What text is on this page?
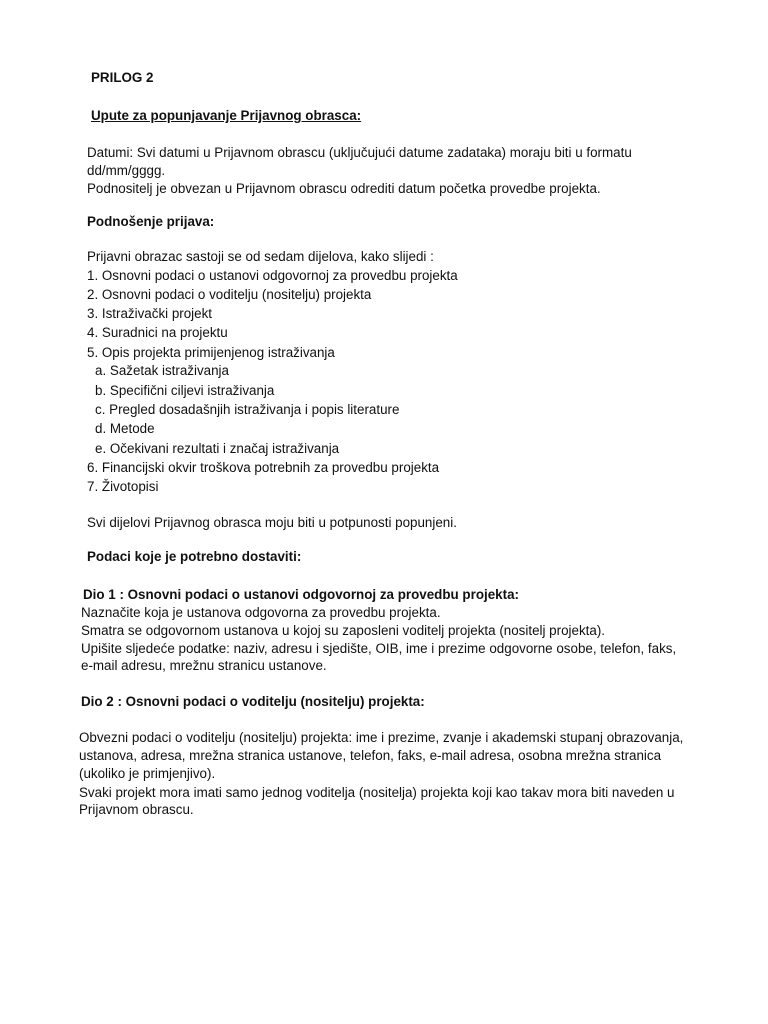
PRILOG 2
Upute za popunjavanje Prijavnog obrasca:
Datumi: Svi datumi u Prijavnom obrascu (uključujući datume zadataka) moraju biti u formatu
dd/mm/gggg.
Podnositelj je obvezan u Prijavnom obrascu odrediti datum početka provedbe projekta.
Podnošenje prijava:
Prijavni obrazac sastoji se od sedam dijelova, kako slijedi :
1. Osnovni podaci o ustanovi odgovornoj za provedbu projekta
2. Osnovni podaci o voditelju (nositelju) projekta
3. Istraživački projekt
4. Suradnici na projektu
5. Opis projekta primijenjenog istraživanja
a. Sažetak istraživanja
b. Specifični ciljevi istraživanja
c. Pregled dosadašnjih istraživanja i popis literature
d. Metode
e. Očekivani rezultati i značaj istraživanja
6. Financijski okvir troškova potrebnih za provedbu projekta
7. Životopisi
Svi dijelovi Prijavnog obrasca moju biti u potpunosti popunjeni.
Podaci koje je potrebno dostaviti:
Dio 1 : Osnovni podaci o ustanovi odgovornoj za provedbu projekta:
Naznačite koja je ustanova odgovorna za provedbu projekta.
Smatra se odgovornom ustanova u kojoj su zaposleni voditelj projekta (nositelj projekta).
Upišite sljedeće podatke: naziv, adresu i sjedište, OIB, ime i prezime odgovorne osobe, telefon, faks,
e-mail adresu, mrežnu stranicu ustanove.
Dio 2 : Osnovni podaci o voditelju (nositelju) projekta:
Obvezni podaci o voditelju (nositelju) projekta: ime i prezime, zvanje i akademski stupanj obrazovanja,
ustanova, adresa, mrežna stranica ustanove, telefon, faks, e-mail adresa, osobna mrežna stranica
(ukoliko je primjenjivo).
Svaki projekt mora imati samo jednog voditelja (nositelja) projekta koji kao takav mora biti naveden u
Prijavnom obrascu.
